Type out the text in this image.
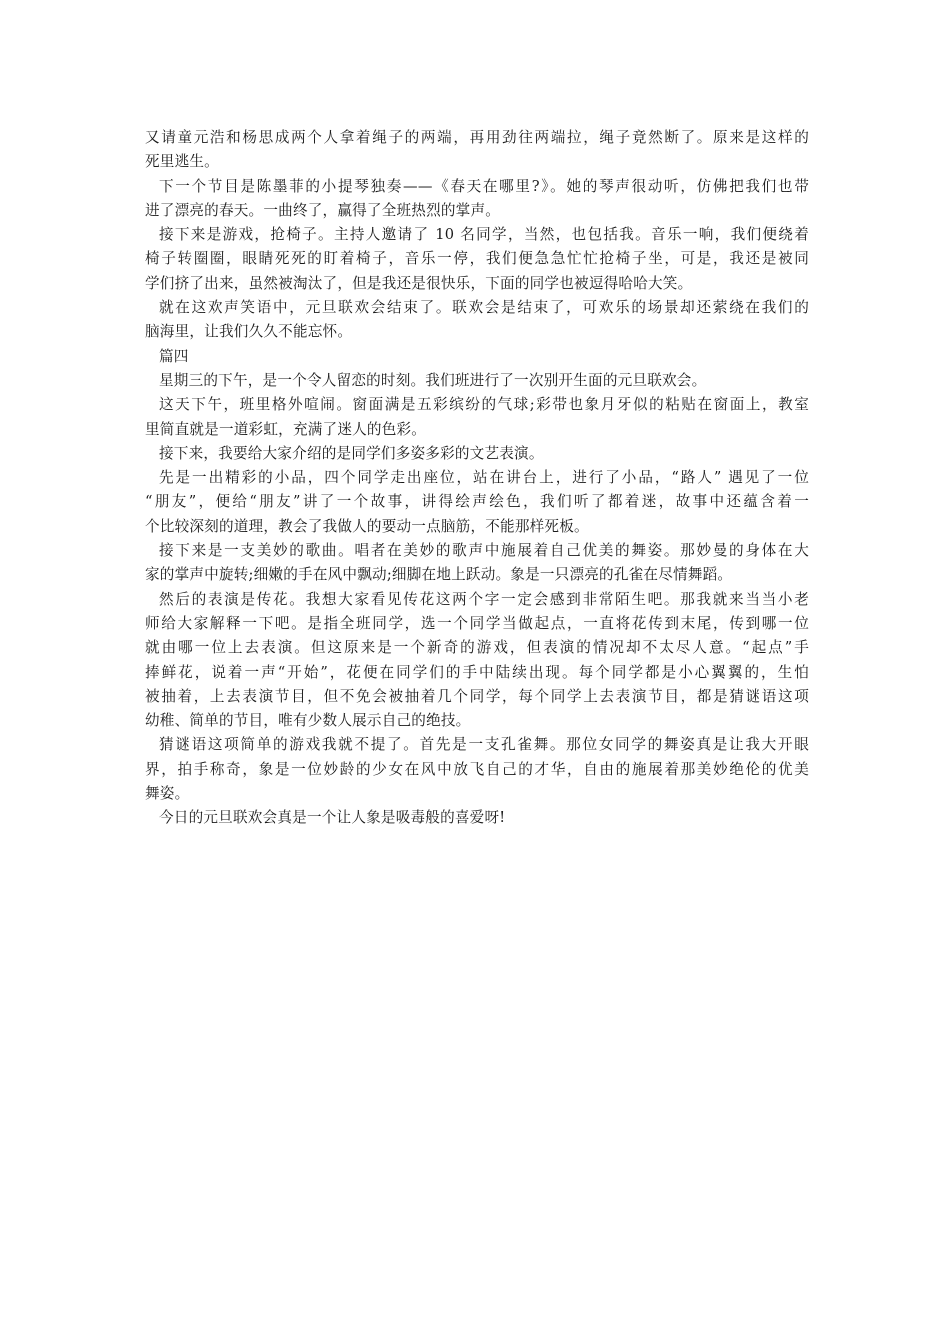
又请童元浩和杨思成两个人拿着绳子的两端，再用劲往两端拉，绳子竟然断了。原来是这样的
死里逃生。
下一个节目是陈墨菲的小提琴独奏——《春天在哪里?》。她的琴声很动听，仿佛把我们也带
进了漂亮的春天。一曲终了，赢得了全班热烈的掌声。
接下来是游戏，抢椅子。主持人邀请了 10 名同学，当然，也包括我。音乐一响，我们便绕着
椅子转圈圈，眼睛死死的盯着椅子，音乐一停，我们便急急忙忙抢椅子坐，可是，我还是被同
学们挤了出来，虽然被淘汰了，但是我还是很快乐，下面的同学也被逗得哈哈大笑。
就在这欢声笑语中，元旦联欢会结束了。联欢会是结束了，可欢乐的场景却还萦绕在我们的
脑海里，让我们久久不能忘怀。
篇四
星期三的下午，是一个令人留恋的时刻。我们班进行了一次别开生面的元旦联欢会。
这天下午，班里格外喧闹。窗面满是五彩缤纷的气球;彩带也象月牙似的粘贴在窗面上，教室
里简直就是一道彩虹，充满了迷人的色彩。
接下来，我要给大家介绍的是同学们多姿多彩的文艺表演。
先是一出精彩的小品，四个同学走出座位，站在讲台上，进行了小品，“路人” 遇见了一位
“朋友”，便给“朋友”讲了一个故事，讲得绘声绘色，我们听了都着迷，故事中还蕴含着一
个比较深刻的道理，教会了我做人的要动一点脑筋，不能那样死板。
接下来是一支美妙的歌曲。唱者在美妙的歌声中施展着自己优美的舞姿。那妙曼的身体在大
家的掌声中旋转;细嫩的手在风中飘动;细脚在地上跃动。象是一只漂亮的孔雀在尽情舞蹈。
然后的表演是传花。我想大家看见传花这两个字一定会感到非常陌生吧。那我就来当当小老
师给大家解释一下吧。是指全班同学，选一个同学当做起点，一直将花传到末尾，传到哪一位
就由哪一位上去表演。但这原来是一个新奇的游戏，但表演的情况却不太尽人意。“起点”手
捧鲜花，说着一声“开始”，花便在同学们的手中陆续出现。每个同学都是小心翼翼的，生怕
被抽着，上去表演节目，但不免会被抽着几个同学，每个同学上去表演节目，都是猜谜语这项
幼稚、简单的节目，唯有少数人展示自己的绝技。
猜谜语这项简单的游戏我就不提了。首先是一支孔雀舞。那位女同学的舞姿真是让我大开眼
界，拍手称奇，象是一位妙龄的少女在风中放飞自己的才华，自由的施展着那美妙绝伦的优美
舞姿。
今日的元旦联欢会真是一个让人象是吸毒般的喜爱呀!
